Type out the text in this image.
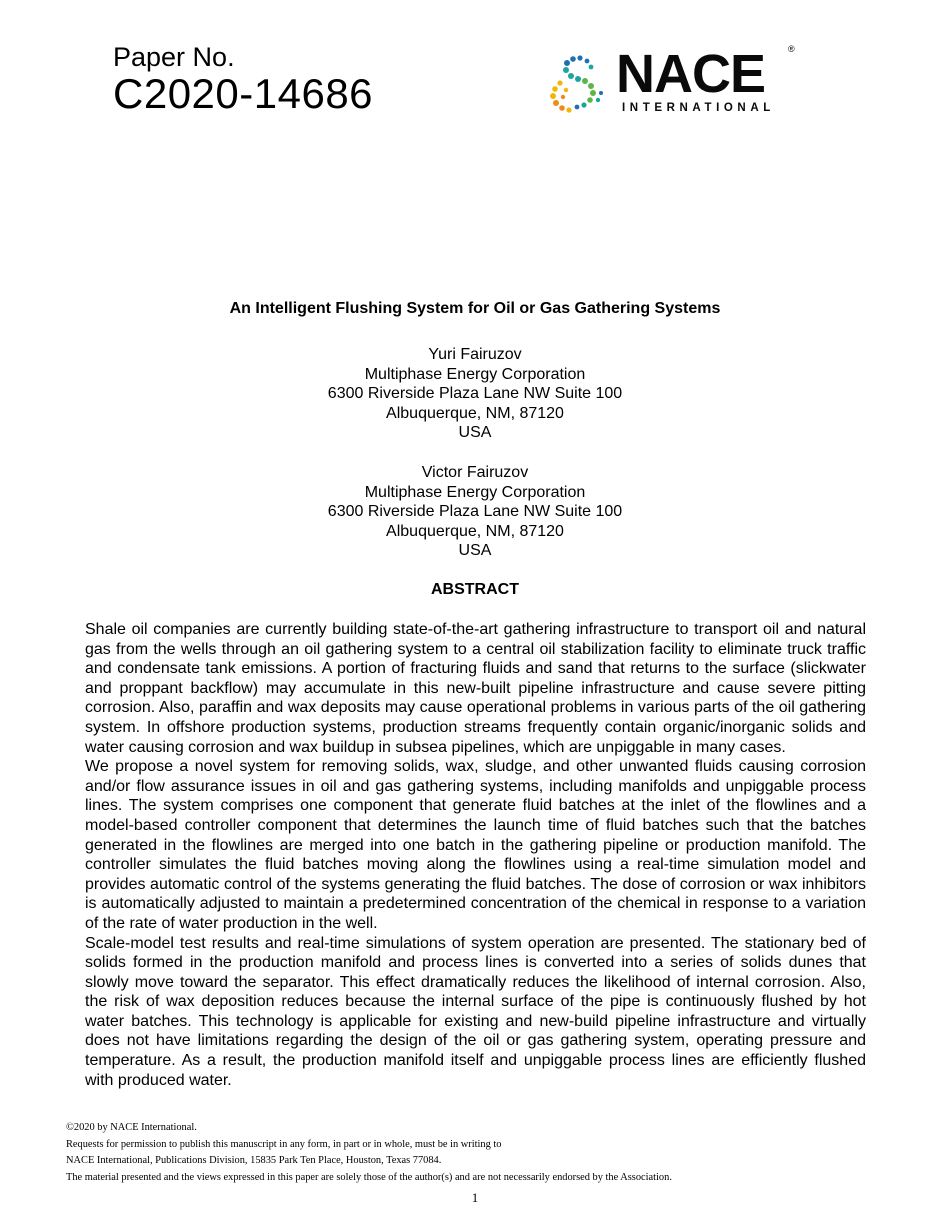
Paper No.
C2020-14686	NACE	®
INTERNATIONAL
An Intelligent Flushing System for Oil or Gas Gathering Systems
Yuri Fairuzov
Multiphase Energy Corporation
6300 Riverside Plaza Lane NW Suite 100
Albuquerque, NM, 87120
USA
Victor Fairuzov
Multiphase Energy Corporation
6300 Riverside Plaza Lane NW Suite 100
Albuquerque, NM, 87120
USA
ABSTRACT

Shale oil companies are currently building state-of-the-art gathering infrastructure to transport oil and natural gas from the wells through an oil gathering system to a central oil stabilization facility to eliminate truck traffic and condensate tank emissions. A portion of fracturing fluids and sand that returns to the surface (slickwater and proppant backflow) may accumulate in this new-built pipeline infrastructure and cause severe pitting corrosion. Also, paraffin and wax deposits may cause operational problems in various parts of the oil gathering system. In offshore production systems, production streams frequently contain organic/inorganic solids and water causing corrosion and wax buildup in subsea pipelines, which are unpiggable in many cases.

We propose a novel system for removing solids, wax, sludge, and other unwanted fluids causing corrosion and/or flow assurance issues in oil and gas gathering systems, including manifolds and unpiggable process lines. The system comprises one component that generate fluid batches at the inlet of the flowlines and a model-based controller component that determines the launch time of fluid batches such that the batches generated in the flowlines are merged into one batch in the gathering pipeline or production manifold. The controller simulates the fluid batches moving along the flowlines using a real-time simulation model and provides automatic control of the systems generating the fluid batches. The dose of corrosion or wax inhibitors is automatically adjusted to maintain a predetermined concentration of the chemical in response to a variation of the rate of water production in the well.

Scale-model test results and real-time simulations of system operation are presented. The stationary bed of solids formed in the production manifold and process lines is converted into a series of solids dunes that slowly move toward the separator. This effect dramatically reduces the likelihood of internal corrosion. Also, the risk of wax deposition reduces because the internal surface of the pipe is continuously flushed by hot water batches. This technology is applicable for existing and new-build pipeline infrastructure and virtually does not have limitations regarding the design of the oil or gas gathering system, operating pressure and temperature. As a result, the production manifold itself and unpiggable process lines are efficiently flushed with produced water.

©2020 by NACE International.
Requests for permission to publish this manuscript in any form, in part or in whole, must be in writing to
NACE International, Publications Division, 15835 Park Ten Place, Houston, Texas 77084.
The material presented and the views expressed in this paper are solely those of the author(s) and are not necessarily endorsed by the Association.
1
